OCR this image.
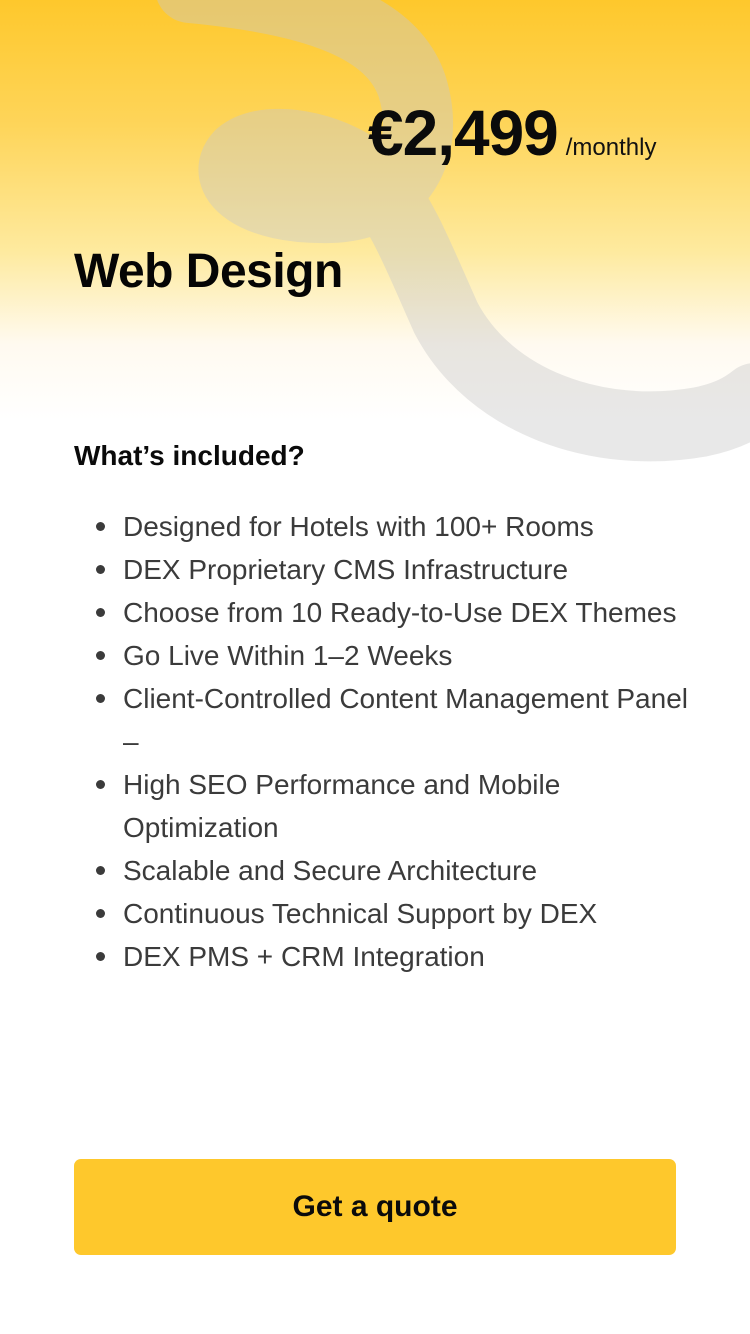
€2,499 /monthly
Web Design
What’s included?
Designed for Hotels with 100+ Rooms
DEX Proprietary CMS Infrastructure
Choose from 10 Ready-to-Use DEX Themes
Go Live Within 1–2 Weeks
Client-Controlled Content Management Panel –
High SEO Performance and Mobile Optimization
Scalable and Secure Architecture
Continuous Technical Support by DEX
DEX PMS + CRM Integration
Get a quote
